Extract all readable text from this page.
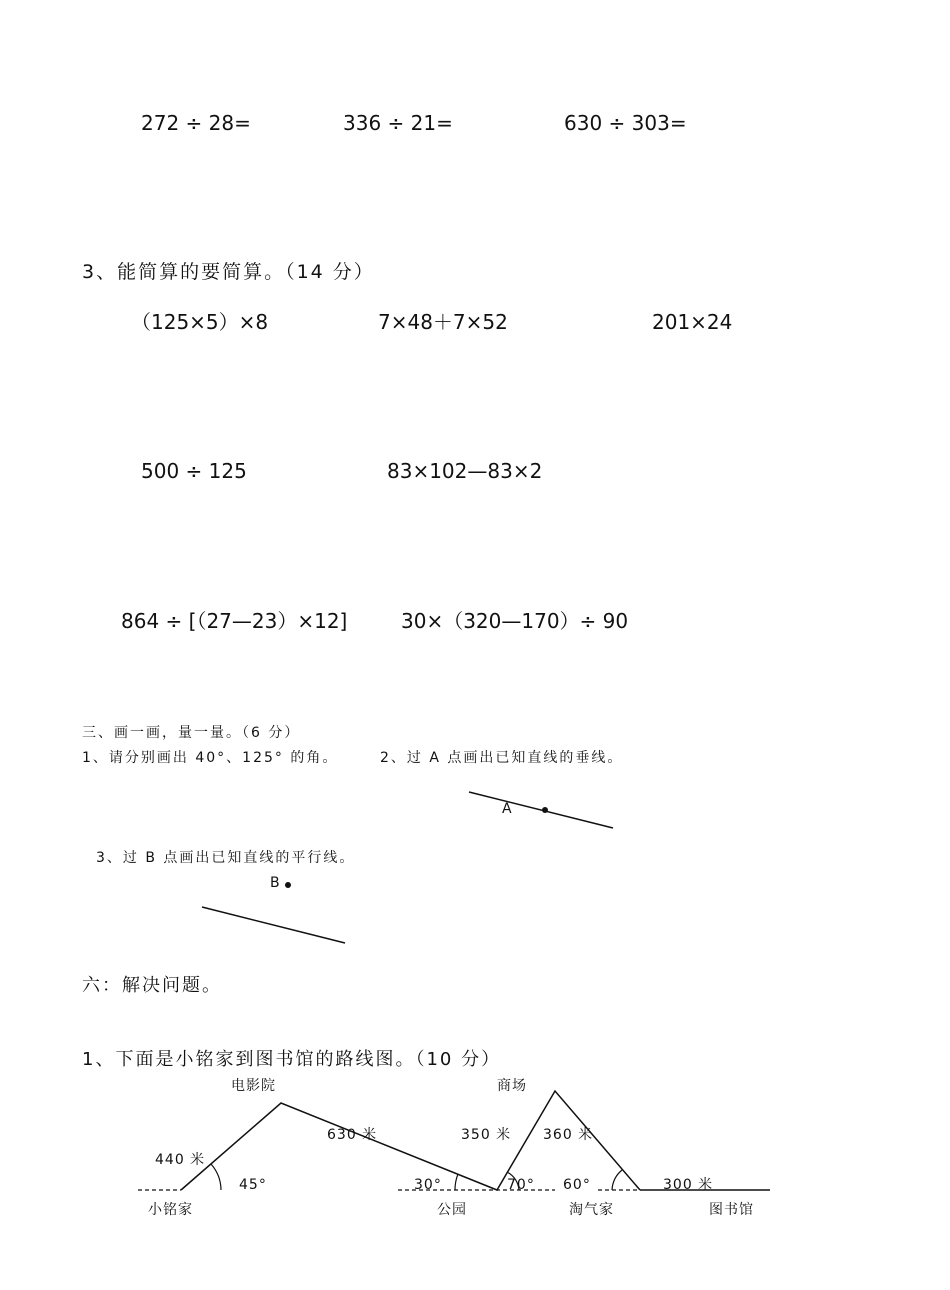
272 ÷ 28=	336 ÷ 21=	630 ÷ 303=
3、能简算的要简算。（14 分）
（125×5）×8	7×48＋7×52	201×24
500 ÷ 125	83×102—83×2
864 ÷ [（27—23）×12]	30×（320—170）÷ 90
三、画一画，量一量。（6 分）
1、请分别画出 40°、125° 的角。	2、过 A 点画出已知直线的垂线。
3、过 B 点画出已知直线的平行线。
A
B
六：解决问题。
1、下面是小铭家到图书馆的路线图。（10 分）
电影院	商场
630 米	350 米 360 米
440 米
45°	30°	70° 60°	300 米
小铭家	公园	淘气家	图书馆
